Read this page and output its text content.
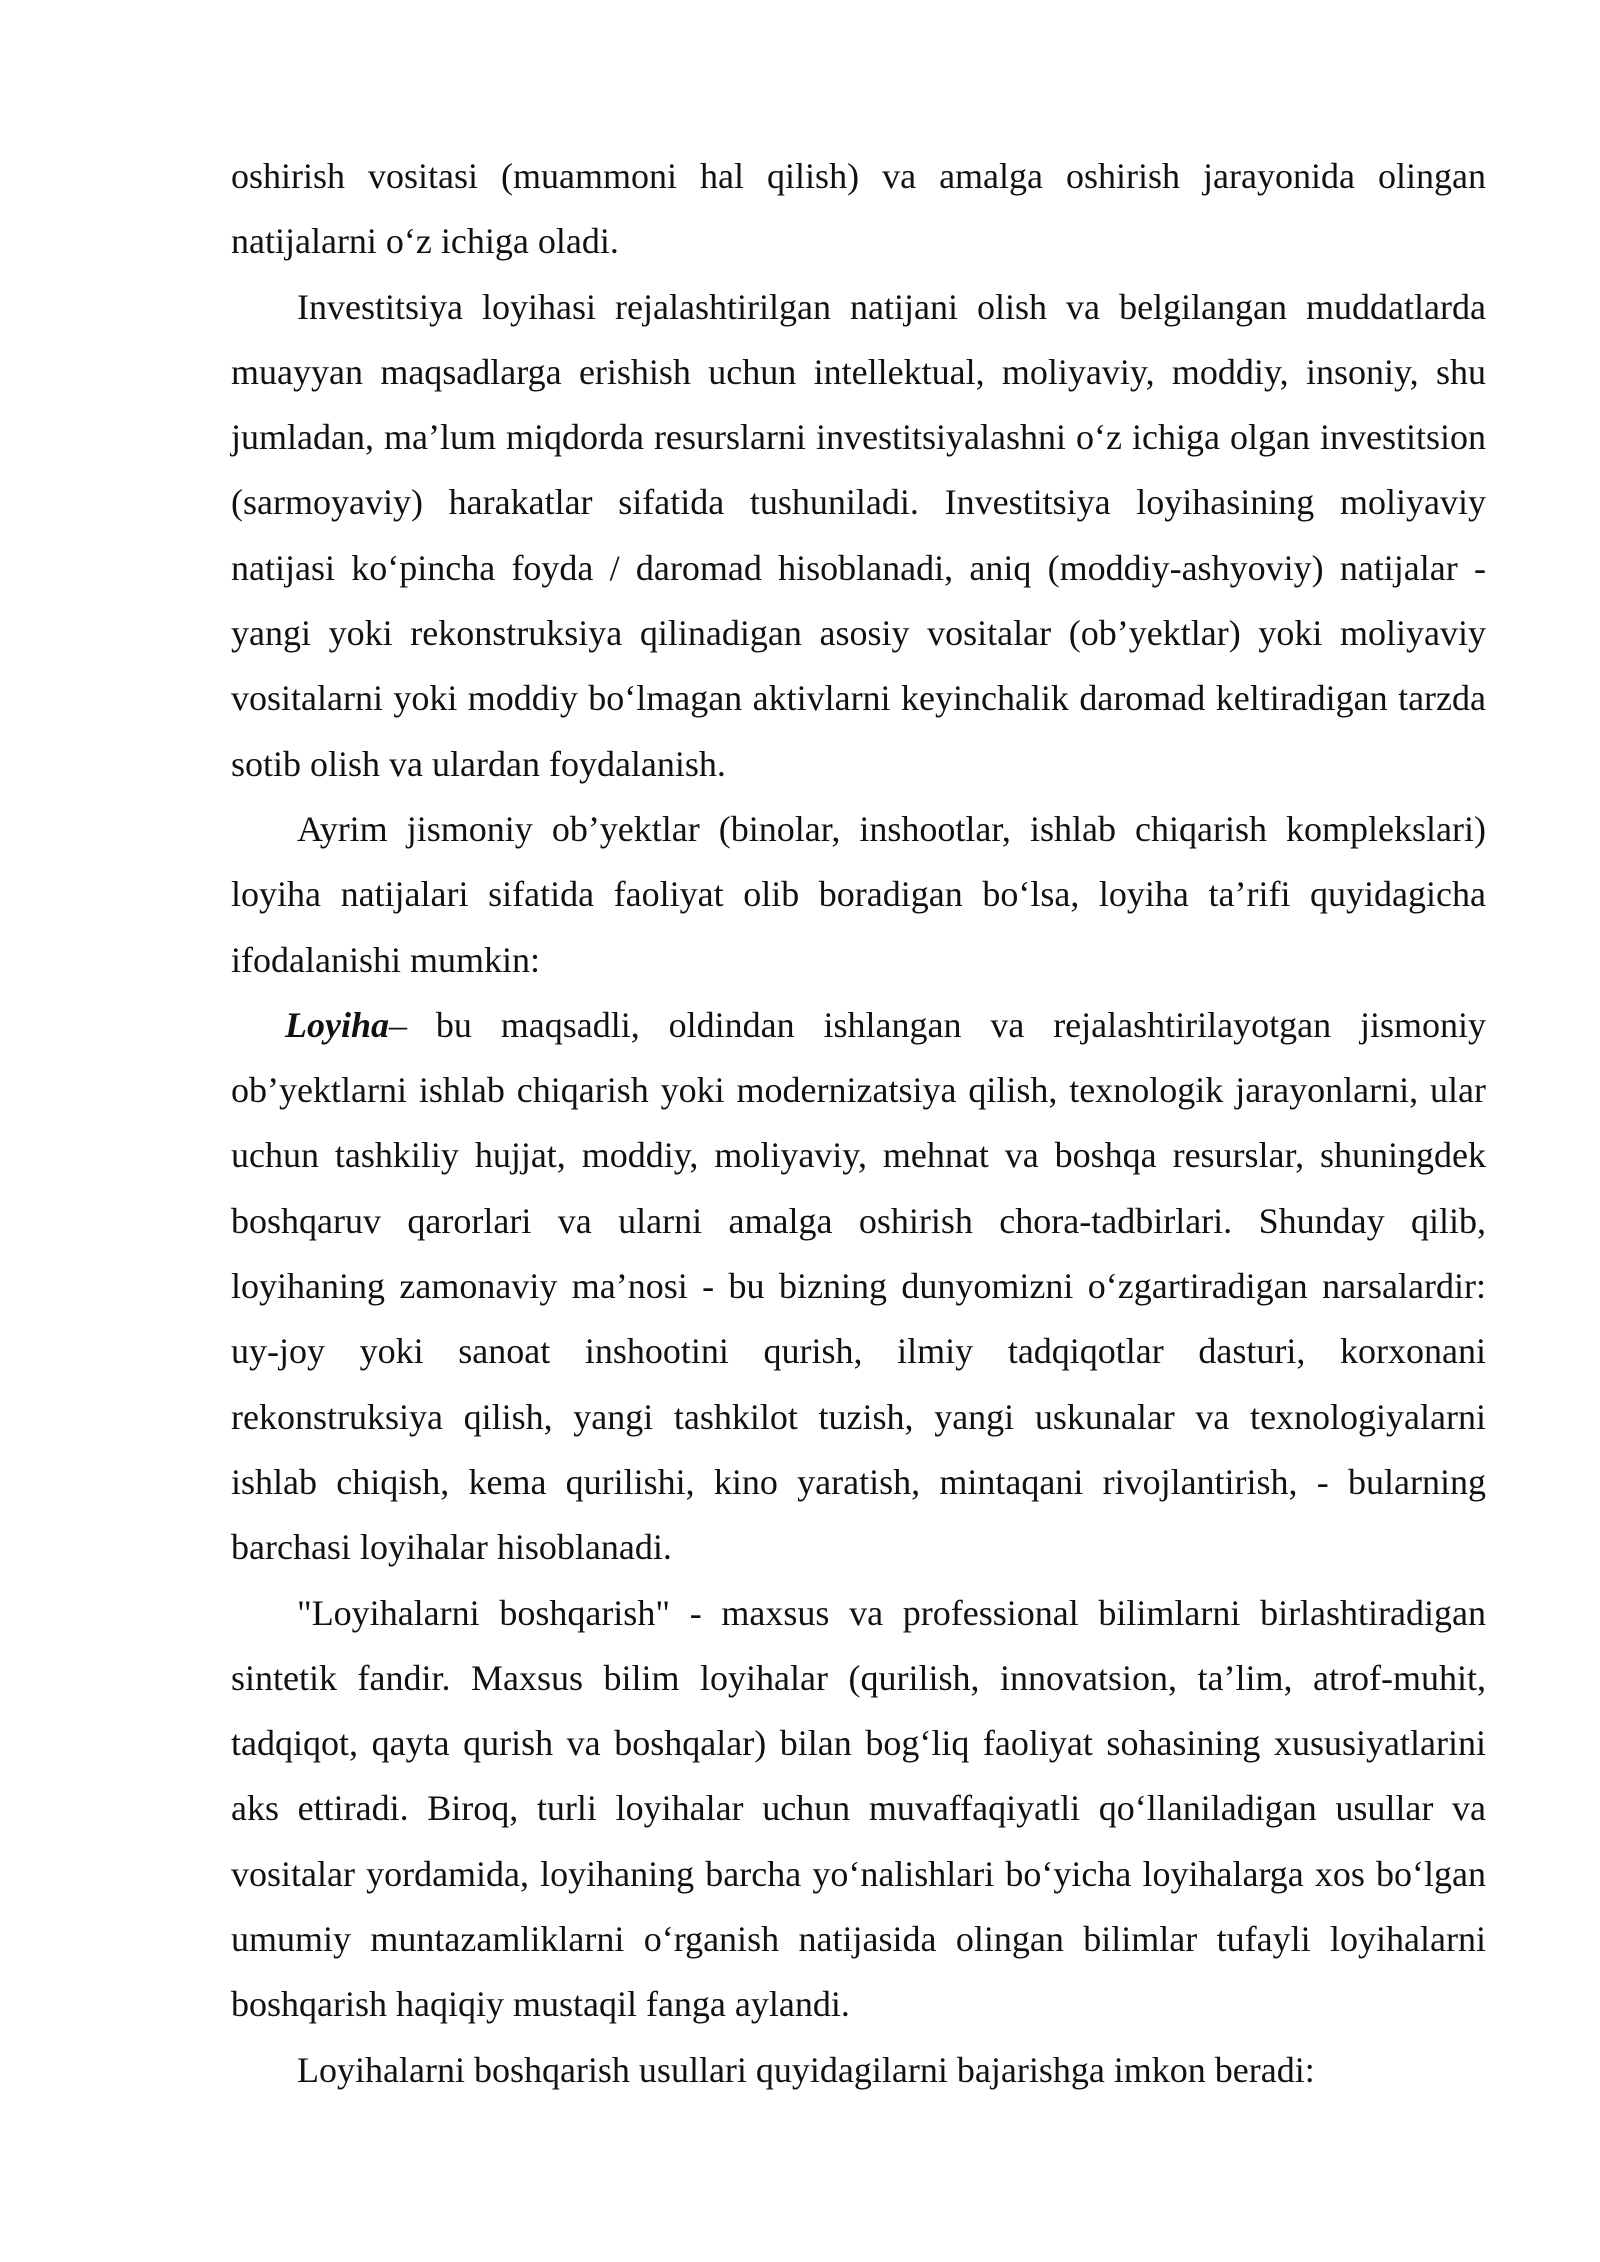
oshirish vositasi (muammoni hal qilish) va amalga oshirish jarayonida olingan natijalarni o‘z ichiga oladi.

Investitsiya loyihasi rejalashtirilgan natijani olish va belgilangan muddatlarda muayyan maqsadlarga erishish uchun intellektual, moliyaviy, moddiy, insoniy, shu jumladan, ma’lum miqdorda resurslarni investitsiyalashni o‘z ichiga olgan investitsion (sarmoyaviy) harakatlar sifatida tushuniladi. Investitsiya loyihasining moliyaviy natijasi ko‘pincha foyda / daromad hisoblanadi, aniq (moddiy-ashyoviy) natijalar - yangi yoki rekonstruksiya qilinadigan asosiy vositalar (ob’yektlar) yoki moliyaviy vositalarni yoki moddiy bo‘lmagan aktivlarni keyinchalik daromad keltiradigan tarzda sotib olish va ulardan foydalanish.

Ayrim jismoniy ob’yektlar (binolar, inshootlar, ishlab chiqarish komplekslari) loyiha natijalari sifatida faoliyat olib boradigan bo‘lsa, loyiha ta’rifi quyidagicha ifodalanishi mumkin:

Loyiha– bu maqsadli, oldindan ishlangan va rejalashtirilayotgan jismoniy ob’yektlarni ishlab chiqarish yoki modernizatsiya qilish, texnologik jarayonlarni, ular uchun tashkiliy hujjat, moddiy, moliyaviy, mehnat va boshqa resurslar, shuningdek boshqaruv qarorlari va ularni amalga oshirish chora-tadbirlari. Shunday qilib, loyihaning zamonaviy ma’nosi - bu bizning dunyomizni o‘zgartiradigan narsalardir: uy-joy yoki sanoat inshootini qurish, ilmiy tadqiqotlar dasturi, korxonani rekonstruksiya qilish, yangi tashkilot tuzish, yangi uskunalar va texnologiyalarni ishlab chiqish, kema qurilishi, kino yaratish, mintaqani rivojlantirish, - bularning barchasi loyihalar hisoblanadi.

"Loyihalarni boshqarish" - maxsus va professional bilimlarni birlashtiradigan sintetik fandir. Maxsus bilim loyihalar (qurilish, innovatsion, ta’lim, atrof-muhit, tadqiqot, qayta qurish va boshqalar) bilan bog‘liq faoliyat sohasining xususiyatlarini aks ettiradi. Biroq, turli loyihalar uchun muvaffaqiyatli qo‘llaniladigan usullar va vositalar yordamida, loyihaning barcha yo‘nalishlari bo‘yicha loyihalarga xos bo‘lgan umumiy muntazamliklarni o‘rganish natijasida olingan bilimlar tufayli loyihalarni boshqarish haqiqiy mustaqil fanga aylandi.

Loyihalarni boshqarish usullari quyidagilarni bajarishga imkon beradi:
